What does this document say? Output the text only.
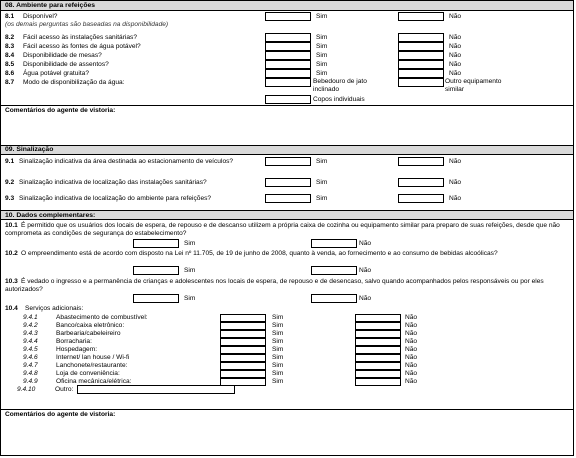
08. Ambiente para refeições
8.1 Disponível?
(os demais perguntas são baseadas na disponibilidade)
Sim	Não
8.2 Fácil acesso às instalações sanitárias?	Sim	Não
8.3 Fácil acesso às fontes de água potável?	Sim	Não
8.4 Disponibilidade de mesas?	Sim	Não
8.5 Disponibilidade de assentos?	Sim	Não
8.6 Água potável gratuita?	Sim	Não
8.7 Modo de disponibilização da água:	Bebedouro de jato inclinado
Outro equipamento similar
Copos individuais
Comentários do agente de vistoria:
09. Sinalização
9.1 Sinalização indicativa da área destinada ao estacionamento de veículos?	Sim	Não
9.2 Sinalização indicativa de localização das instalações sanitárias?	Sim	Não
9.3 Sinalização indicativa de localização do ambiente para refeições?	Sim	Não
10. Dados complementares:
10.1 É permitido que os usuários dos locais de espera, de repouso e de descanso utilizem a própria caixa de cozinha ou equipamento similar para preparo de suas refeições, desde que não comprometa as condições de segurança do estabelecimento?
Sim	Não
10.2 O empreendimento está de acordo com disposto na Lei nº 11.705, de 19 de junho de 2008, quanto à venda, ao fornecimento e ao consumo de bebidas alcoólicas?
Sim	Não
10.3 É vedado o ingresso e a permanência de crianças e adolescentes nos locais de espera, de repouso e de desencaso, salvo quando acompanhados pelos responsáveis ou por eles autorizados?
Sim	Não
10.4 Serviços adicionais:
9.4.1	Abastecimento de combustível:	Sim	Não
9.4.2	Banco/caixa eletrônico:	Sim	Não
9.4.3	Barbearia/cabeleireiro	Sim	Não
9.4.4	Borracharia:	Sim	Não
9.4.5	Hospedagem:	Sim	Não
9.4.6	Internet/ lan house / Wi-fi	Sim	Não
9.4.7	Lanchonete/restaurante:	Sim	Não
9.4.8	Loja de conveniência:	Sim	Não
9.4.9	Oficina mecânica/elétrica:	Sim	Não
9.4.10	Outro:
Comentários do agente de vistoria:
